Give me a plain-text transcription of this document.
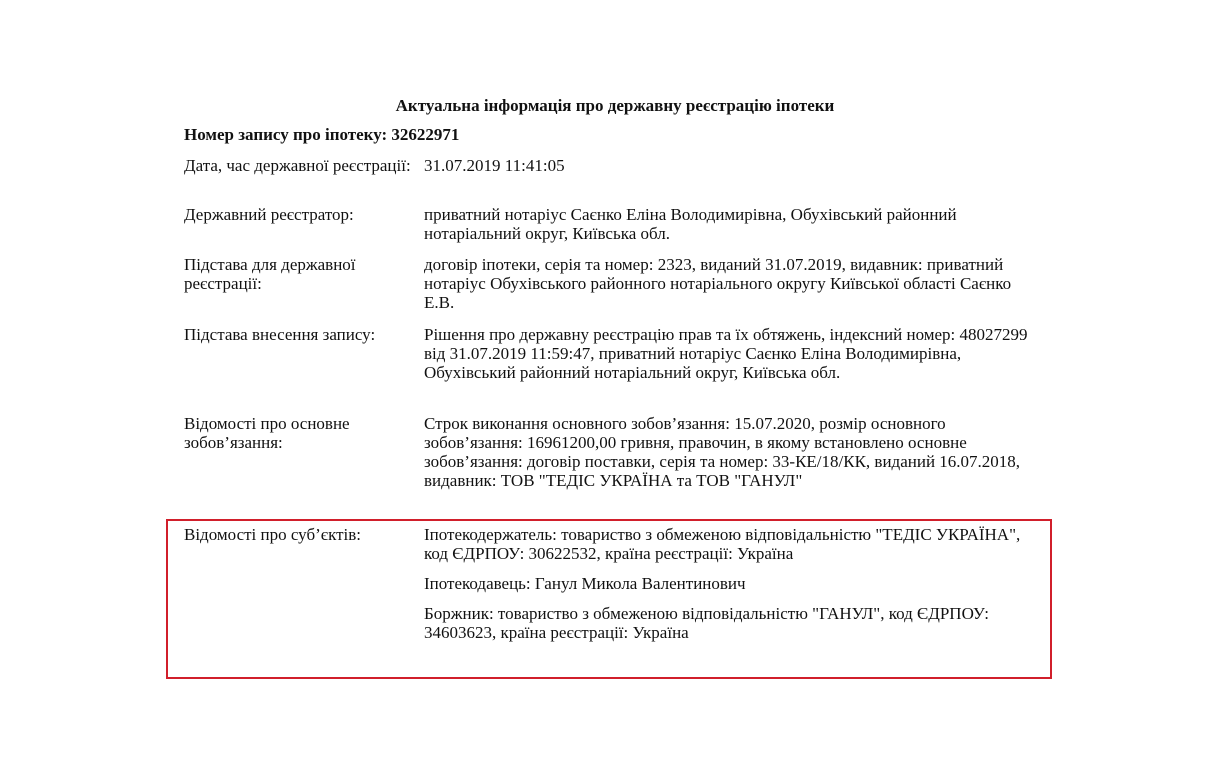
Актуальна інформація про державну реєстрацію іпотеки
Номер запису про іпотеку: 32622971
Дата, час державної реєстрації: 31.07.2019 11:41:05
Державний реєстратор:	приватний нотаріус Саєнко Еліна Володимирівна, Обухівський районний нотаріальний округ, Київська обл.
Підстава для державної реєстрації:
договір іпотеки, серія та номер: 2323, виданий 31.07.2019, видавник: приватний нотаріус Обухівського районного нотаріального округу Київської області Саєнко Е.В.
Підстава внесення запису:	Рішення про державну реєстрацію прав та їх обтяжень, індексний номер: 48027299 від 31.07.2019 11:59:47, приватний нотаріус Саєнко Еліна Володимирівна, Обухівський районний нотаріальний округ, Київська обл.
Відомості про основне зобов’язання:
Строк виконання основного зобов’язання: 15.07.2020, розмір основного зобов’язання: 16961200,00 гривня, правочин, в якому встановлено основне зобов’язання: договір поставки, серія та номер: 33-КЕ/18/КК, виданий 16.07.2018, видавник: ТОВ "ТЕДІС УКРАЇНА та ТОВ "ГАНУЛ"
Відомості про суб’єктів:	Іпотекодержатель: товариство з обмеженою відповідальністю "ТЕДІС УКРАЇНА", код ЄДРПОУ: 30622532, країна реєстрації: Україна

Іпотекодавець: Ганул Микола Валентинович

Боржник: товариство з обмеженою відповідальністю "ГАНУЛ", код ЄДРПОУ: 34603623, країна реєстрації: Україна
